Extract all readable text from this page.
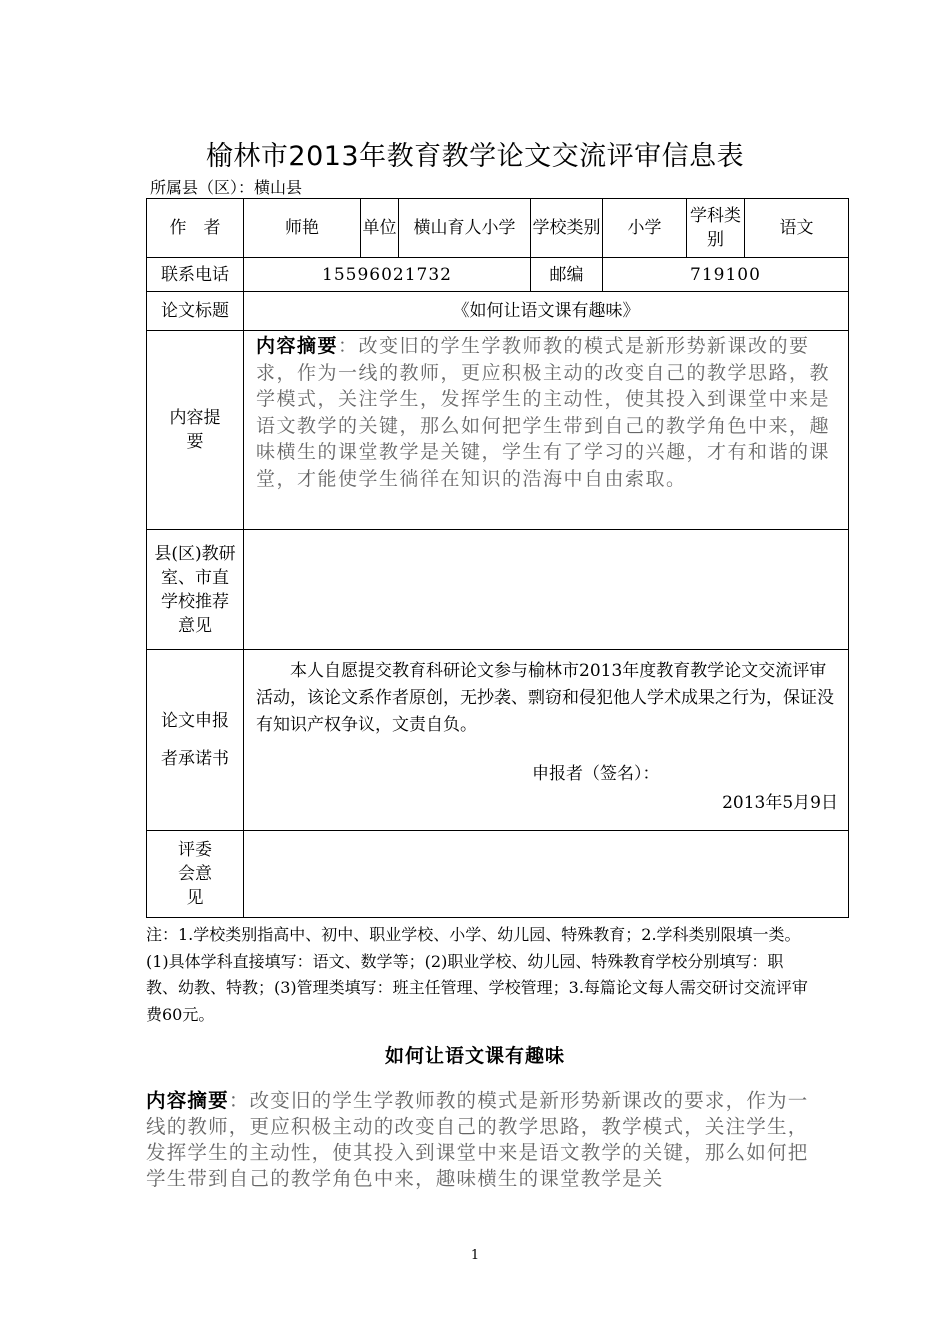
榆林市2013年教育教学论文交流评审信息表
所属县（区）：横山县
作　者	师艳	单位	横山育人小学	学校类别	小学	学科类别	语文
联系电话	15596021732			邮编	719100		
论文标题	《如何让语文课有趣味》						
内容提要	内容摘要：改变旧的学生学教师教的模式是新形势新课改的要求，作为一线的教师，更应积极主动的改变自己的教学思路，教学模式，关注学生，发挥学生的主动性，使其投入到课堂中来是语文教学的关键，那么如何把学生带到自己的教学角色中来，趣味横生的课堂教学是关键，学生有了学习的兴趣，才有和谐的课堂，才能使学生徜徉在知识的浩海中自由索取。						
县(区)教研室、市直学校推荐意见							
论文申报者承诺书	本人自愿提交教育科研论文参与榆林市2013年度教育教学论文交流评审活动，该论文系作者原创，无抄袭、剽窃和侵犯他人学术成果之行为，保证没有知识产权争议，文责自负。

申报者（签名）：

2013年5月9日						

评委会意见							
注：1.学校类别指高中、初中、职业学校、小学、幼儿园、特殊教育；2.学科类别限填一类。(1)具体学科直接填写：语文、数学等；(2)职业学校、幼儿园、特殊教育学校分别填写：职教、幼教、特教；(3)管理类填写：班主任管理、学校管理；3.每篇论文每人需交研讨交流评审费60元。
如何让语文课有趣味
内容摘要：改变旧的学生学教师教的模式是新形势新课改的要求，作为一线的教师，更应积极主动的改变自己的教学思路，教学模式，关注学生，发挥学生的主动性，使其投入到课堂中来是语文教学的关键，那么如何把学生带到自己的教学角色中来，趣味横生的课堂教学是关
1
